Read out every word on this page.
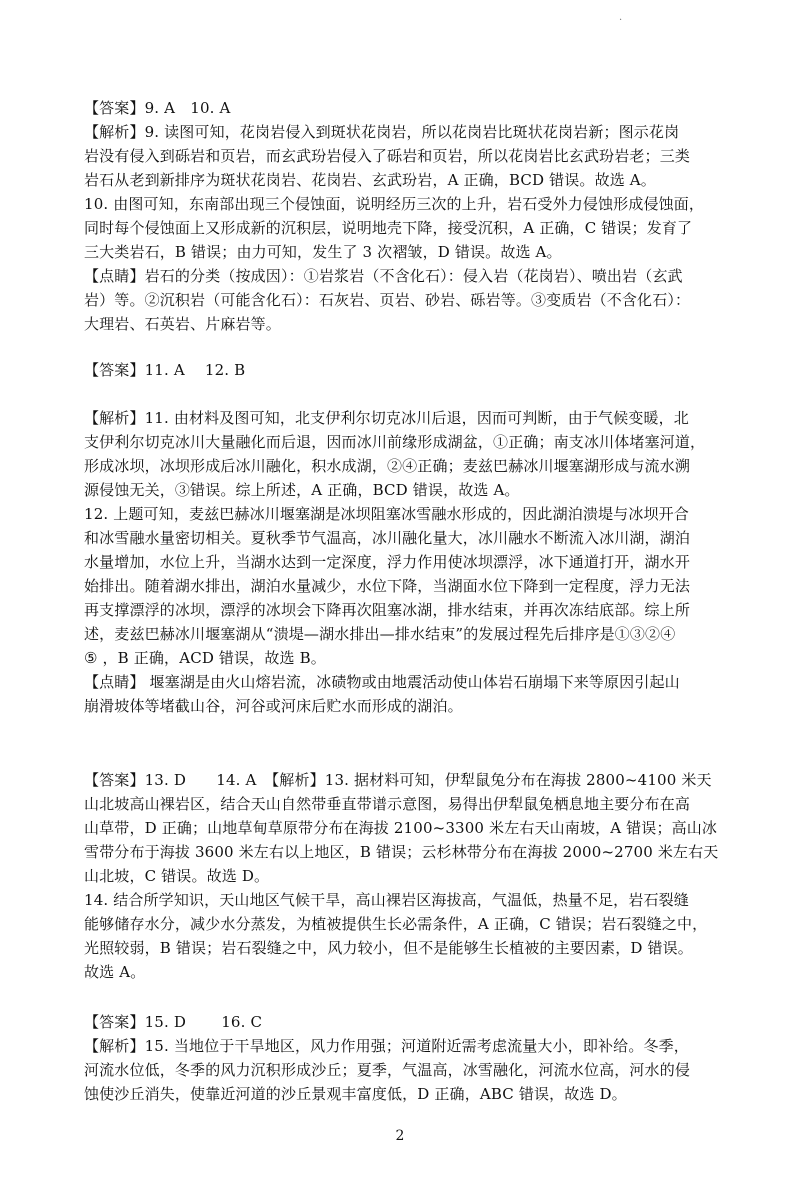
.
【答案】9. A　10. A
【解析】9. 读图可知，花岗岩侵入到斑状花岗岩，所以花岗岩比斑状花岗岩新；图示花岗
岩没有侵入到砾岩和页岩，而玄武玢岩侵入了砾岩和页岩，所以花岗岩比玄武玢岩老；三类
岩石从老到新排序为斑状花岗岩、花岗岩、玄武玢岩，A 正确，BCD 错误。故选 A。
10. 由图可知，东南部出现三个侵蚀面，说明经历三次的上升，岩石受外力侵蚀形成侵蚀面，
同时每个侵蚀面上又形成新的沉积层，说明地壳下降，接受沉积，A 正确，C 错误；发育了
三大类岩石，B 错误；由力可知，发生了 3 次褶皱，D 错误。故选 A。
【点睛】岩石的分类（按成因）：①岩浆岩（不含化石）：侵入岩（花岗岩）、喷出岩（玄武
岩）等。②沉积岩（可能含化石）：石灰岩、页岩、砂岩、砾岩等。③变质岩（不含化石）：
大理岩、石英岩、片麻岩等。
【答案】11. A　 12. B
【解析】11. 由材料及图可知，北支伊利尔切克冰川后退，因而可判断，由于气候变暖，北
支伊利尔切克冰川大量融化而后退，因而冰川前缘形成湖盆，①正确；南支冰川体堵塞河道，
形成冰坝，冰坝形成后冰川融化，积水成湖，②④正确；麦兹巴赫冰川堰塞湖形成与流水溯
源侵蚀无关，③错误。综上所述，A 正确，BCD 错误，故选 A。
12. 上题可知，麦兹巴赫冰川堰塞湖是冰坝阻塞冰雪融水形成的，因此湖泊溃堤与冰坝开合
和冰雪融水量密切相关。夏秋季节气温高，冰川融化量大，冰川融水不断流入冰川湖，湖泊
水量增加，水位上升，当湖水达到一定深度，浮力作用使冰坝漂浮，冰下通道打开，湖水开
始排出。随着湖水排出，湖泊水量减少，水位下降，当湖面水位下降到一定程度，浮力无法
再支撑漂浮的冰坝，漂浮的冰坝会下降再次阻塞冰湖，排水结束，并再次冻结底部。综上所
述，麦兹巴赫冰川堰塞湖从“溃堤—湖水排出—排水结束”的发展过程先后排序是①③②④
⑤ ，B 正确，ACD 错误，故选 B。
【点睛】 堰塞湖是由火山熔岩流，冰碛物或由地震活动使山体岩石崩塌下来等原因引起山
崩滑坡体等堵截山谷，河谷或河床后贮水而形成的湖泊。
【答案】13. D　　14. A　【解析】13. 据材料可知，伊犁鼠兔分布在海拔 2800~4100 米天
山北坡高山裸岩区，结合天山自然带垂直带谱示意图，易得出伊犁鼠兔栖息地主要分布在高
山草带，D 正确；山地草甸草原带分布在海拔 2100~3300 米左右天山南坡，A 错误；高山冰
雪带分布于海拔 3600 米左右以上地区，B 错误；云杉林带分布在海拔 2000~2700 米左右天
山北坡，C 错误。故选 D。
14. 结合所学知识，天山地区气候干旱，高山裸岩区海拔高，气温低，热量不足，岩石裂缝
能够储存水分，减少水分蒸发，为植被提供生长必需条件，A 正确，C 错误；岩石裂缝之中，
光照较弱，B 错误；岩石裂缝之中，风力较小，但不是能够生长植被的主要因素，D 错误。
故选 A。
【答案】15. D　　 16. C
【解析】15. 当地位于干旱地区，风力作用强；河道附近需考虑流量大小，即补给。冬季，
河流水位低，冬季的风力沉积形成沙丘；夏季，气温高，冰雪融化，河流水位高，河水的侵
蚀使沙丘消失，使靠近河道的沙丘景观丰富度低，D 正确，ABC 错误，故选 D。
2
